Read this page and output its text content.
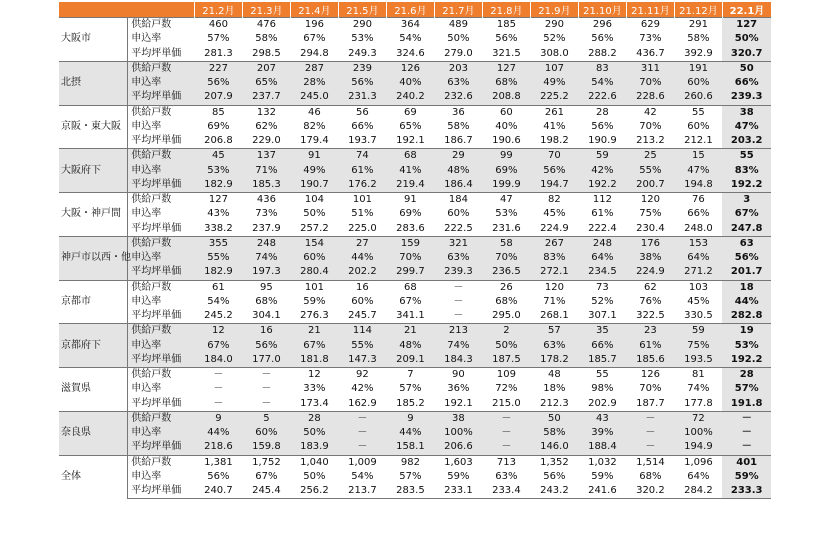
		21.2月	21.3月	21.4月	21.5月	21.6月	21.7月	21.8月	21.9月	21.10月	21.11月	21.12月	22.1月
大阪市	供給戸数	460	476	196	290	364	489	185	290	296	629	291	127
	申込率	57%	58%	67%	53%	54%	50%	56%	52%	56%	73%	58%	50%
	平均坪単価	281.3	298.5	294.8	249.3	324.6	279.0	321.5	308.0	288.2	436.7	392.9	320.7
北摂	供給戸数	227	207	287	239	126	203	127	107	83	311	191	50
	申込率	56%	65%	28%	56%	40%	63%	68%	49%	54%	70%	60%	66%
	平均坪単価	207.9	237.7	245.0	231.3	240.2	232.6	208.8	225.2	222.6	228.6	260.6	239.3
京阪・東大阪	供給戸数	85	132	46	56	69	36	60	261	28	42	55	38
	申込率	69%	62%	82%	66%	65%	58%	40%	41%	56%	70%	60%	47%
	平均坪単価	206.8	229.0	179.4	193.7	192.1	186.7	190.6	198.2	190.9	213.2	212.1	203.2
大阪府下	供給戸数	45	137	91	74	68	29	99	70	59	25	15	55
	申込率	53%	71%	49%	61%	41%	48%	69%	56%	42%	55%	47%	83%
	平均坪単価	182.9	185.3	190.7	176.2	219.4	186.4	199.9	194.7	192.2	200.7	194.8	192.2
大阪・神戸間	供給戸数	127	436	104	101	91	184	47	82	112	120	76	3
	申込率	43%	73%	50%	51%	69%	60%	53%	45%	61%	75%	66%	67%
	平均坪単価	338.2	237.9	257.2	225.0	283.6	222.5	231.6	224.9	222.4	230.4	248.0	247.8
神戸市以西・他	供給戸数	355	248	154	27	159	321	58	267	248	176	153	63
	申込率	55%	74%	60%	44%	70%	63%	70%	83%	64%	38%	64%	56%
	平均坪単価	182.9	197.3	280.4	202.2	299.7	239.3	236.5	272.1	234.5	224.9	271.2	201.7
京都市	供給戸数	61	95	101	16	68	－	26	120	73	62	103	18
	申込率	54%	68%	59%	60%	67%	－	68%	71%	52%	76%	45%	44%
	平均坪単価	245.2	304.1	276.3	245.7	341.1	－	295.0	268.1	307.1	322.5	330.5	282.8
京都府下	供給戸数	12	16	21	114	21	213	2	57	35	23	59	19
	申込率	67%	56%	67%	55%	48%	74%	50%	63%	66%	61%	75%	53%
	平均坪単価	184.0	177.0	181.8	147.3	209.1	184.3	187.5	178.2	185.7	185.6	193.5	192.2
滋賀県	供給戸数	－	－	12	92	7	90	109	48	55	126	81	28
	申込率	－	－	33%	42%	57%	36%	72%	18%	98%	70%	74%	57%
	平均坪単価	－	－	173.4	162.9	185.2	192.1	215.0	212.3	202.9	187.7	177.8	191.8
奈良県	供給戸数	9	5	28	－	9	38	－	50	43	－	72	－
	申込率	44%	60%	50%	－	44%	100%	－	58%	39%	－	100%	－
	平均坪単価	218.6	159.8	183.9	－	158.1	206.6	－	146.0	188.4	－	194.9	－
全体	供給戸数	1,381	1,752	1,040	1,009	982	1,603	713	1,352	1,032	1,514	1,096	401
	申込率	56%	67%	50%	54%	57%	59%	63%	56%	59%	68%	64%	59%
	平均坪単価	240.7	245.4	256.2	213.7	283.5	233.1	233.4	243.2	241.6	320.2	284.2	233.3
